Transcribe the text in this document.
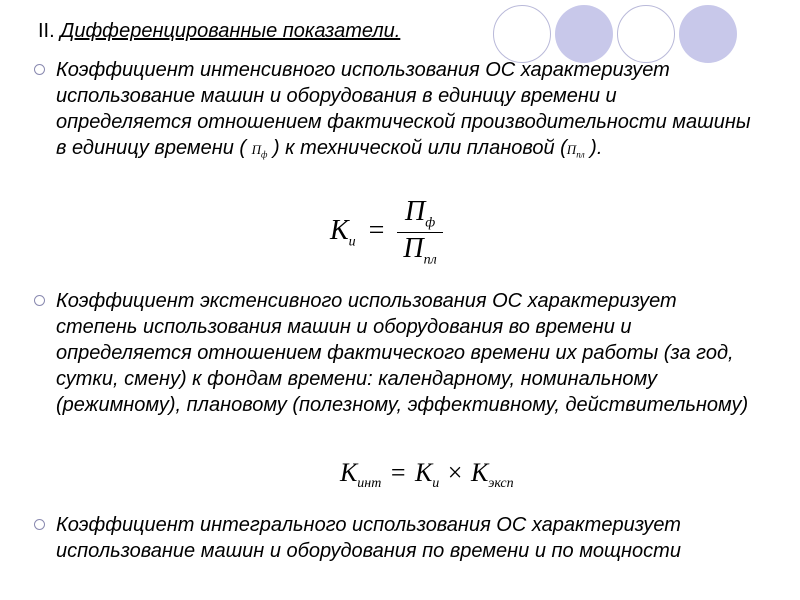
II. Дифференцированные показатели.
Коэффициент интенсивного использования ОС характеризует использование машин и оборудования в единицу времени и определяется отношением фактической производительности машины в единицу времени ( $П_ф$ ) к технической или плановой ($П_{пл}$ ).
$К_и = \frac{П_ф}{П_{пл}}$
Коэффициент экстенсивного использования ОС характеризует степень использования машин и оборудования во времени и определяется отношением фактического времени их работы (за год, сутки, смену) к фондам времени: календарному, номинальному (режимному), плановому (полезному, эффективному, действительному)
$К_{инт} = К_и \times К_{эксп}$
Коэффициент интегрального использования ОС характеризует использование машин и оборудования по времени и по мощности
